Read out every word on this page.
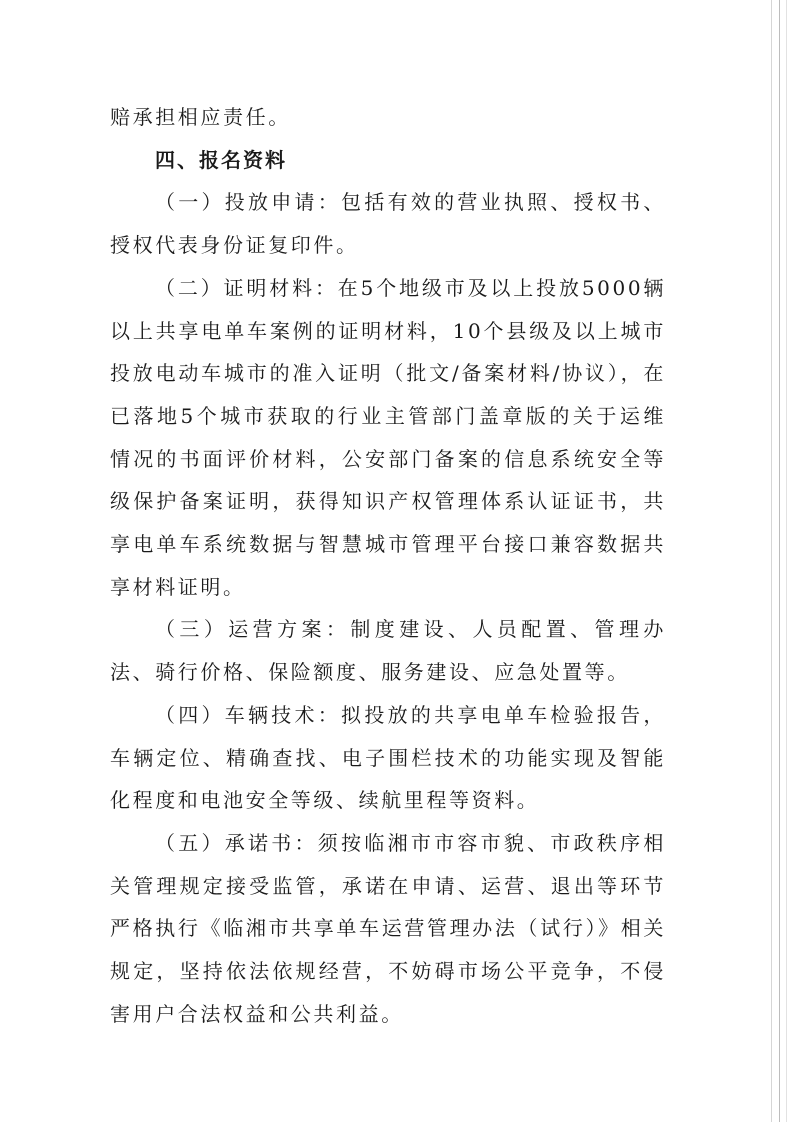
赔承担相应责任。

四、报名资料

（一）投放申请：包括有效的营业执照、授权书、授权代表身份证复印件。

（二）证明材料：在5个地级市及以上投放5000辆以上共享电单车案例的证明材料，10个县级及以上城市投放电动车城市的准入证明（批文/备案材料/协议），在已落地5个城市获取的行业主管部门盖章版的关于运维情况的书面评价材料，公安部门备案的信息系统安全等级保护备案证明，获得知识产权管理体系认证证书，共享电单车系统数据与智慧城市管理平台接口兼容数据共享材料证明。

（三）运营方案：制度建设、人员配置、管理办法、骑行价格、保险额度、服务建设、应急处置等。

（四）车辆技术：拟投放的共享电单车检验报告，车辆定位、精确查找、电子围栏技术的功能实现及智能化程度和电池安全等级、续航里程等资料。

（五）承诺书：须按临湘市市容市貌、市政秩序相关管理规定接受监管，承诺在申请、运营、退出等环节严格执行《临湘市共享单车运营管理办法（试行）》相关规定，坚持依法依规经营，不妨碍市场公平竞争，不侵害用户合法权益和公共利益。
